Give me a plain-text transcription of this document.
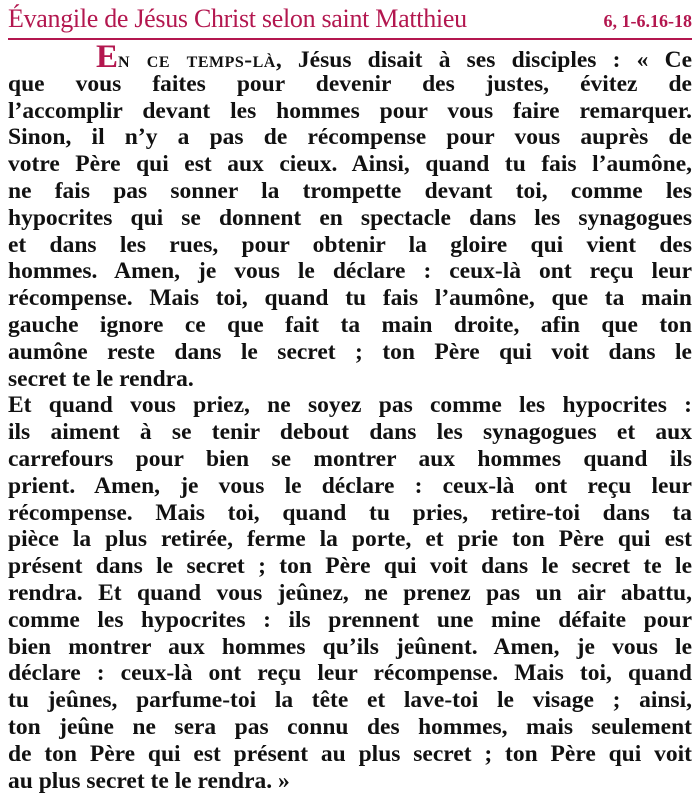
Évangile de Jésus Christ selon saint Matthieu	6, 1-6.16-18
En ce temps-là, Jésus disait à ses disciples : « Ce
que vous faites pour devenir des justes, évitez de
l’accomplir devant les hommes pour vous faire remarquer.
Sinon, il n’y a pas de récompense pour vous auprès de
votre Père qui est aux cieux. Ainsi, quand tu fais l’aumône,
ne fais pas sonner la trompette devant toi, comme les
hypocrites qui se donnent en spectacle dans les synagogues
et dans les rues, pour obtenir la gloire qui vient des
hommes. Amen, je vous le déclare : ceux-là ont reçu leur
récompense. Mais toi, quand tu fais l’aumône, que ta main
gauche ignore ce que fait ta main droite, afin que ton
aumône reste dans le secret ; ton Père qui voit dans le
secret te le rendra.
Et quand vous priez, ne soyez pas comme les hypocrites :
ils aiment à se tenir debout dans les synagogues et aux
carrefours pour bien se montrer aux hommes quand ils
prient. Amen, je vous le déclare : ceux-là ont reçu leur
récompense. Mais toi, quand tu pries, retire-toi dans ta
pièce la plus retirée, ferme la porte, et prie ton Père qui est
présent dans le secret ; ton Père qui voit dans le secret te le
rendra. Et quand vous jeûnez, ne prenez pas un air abattu,
comme les hypocrites : ils prennent une mine défaite pour
bien montrer aux hommes qu’ils jeûnent. Amen, je vous le
déclare : ceux-là ont reçu leur récompense. Mais toi, quand
tu jeûnes, parfume-toi la tête et lave-toi le visage ; ainsi,
ton jeûne ne sera pas connu des hommes, mais seulement
de ton Père qui est présent au plus secret ; ton Père qui voit
au plus secret te le rendra. »
